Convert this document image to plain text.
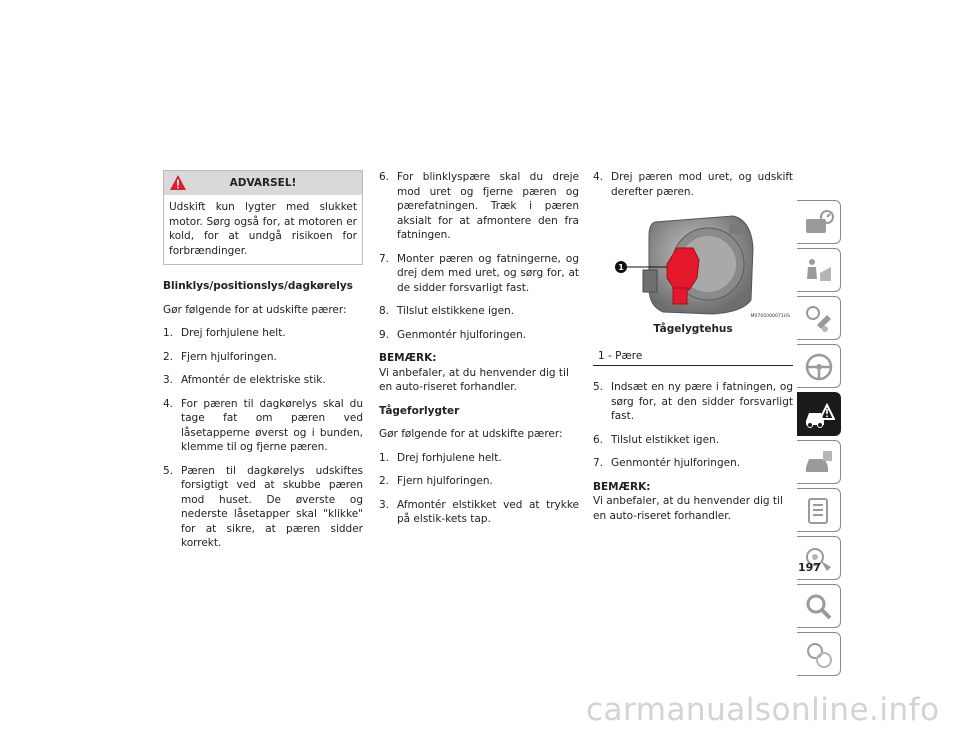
ADVARSEL!
Udskift kun lygter med slukket motor. Sørg også for, at motoren er kold, for at undgå risikoen for forbrændinger.

Blinklys/positionslys/dagkørelys

Gør følgende for at udskifte pærer:

1. Drej forhjulene helt.
2. Fjern hjulforingen.
3. Afmontér de elektriske stik.
4. For pæren til dagkørelys skal du tage fat om pæren ved låsetapperne øverst og i bunden, klemme til og fjerne pæren.
5. Pæren til dagkørelys udskiftes forsigtigt ved at skubbe pæren mod huset. De øverste og nederste låsetapper skal "klikke" for at sikre, at pæren sidder korrekt.
6. For blinklyspære skal du dreje mod uret og fjerne pæren og pærefatningen. Træk i pæren aksialt for at afmontere den fra fatningen.
7. Monter pæren og fatningerne, og drej dem med uret, og sørg for, at de sidder forsvarligt fast.
8. Tilslut elstikkene igen.
9. Genmontér hjulforingen.

BEMÆRK:

Vi anbefaler, at du henvender dig til en auto-riseret forhandler.

Tågeforlygter

Gør følgende for at udskifte pærer:

1. Drej forhjulene helt.
2. Fjern hjulforingen.
3. Afmontér elstikket ved at trykke på elstik-kets tap.
4. Drej pæren mod uret, og udskift derefter pæren.
1
M0705000071US

Tågelygtehus

1 - Pære

5. Indsæt en ny pære i fatningen, og sørg for, at den sidder forsvarligt fast.
6. Tilslut elstikket igen.
7. Genmontér hjulforingen.

BEMÆRK:

Vi anbefaler, at du henvender dig til en auto-riseret forhandler.

197
carmanualsonline.info
